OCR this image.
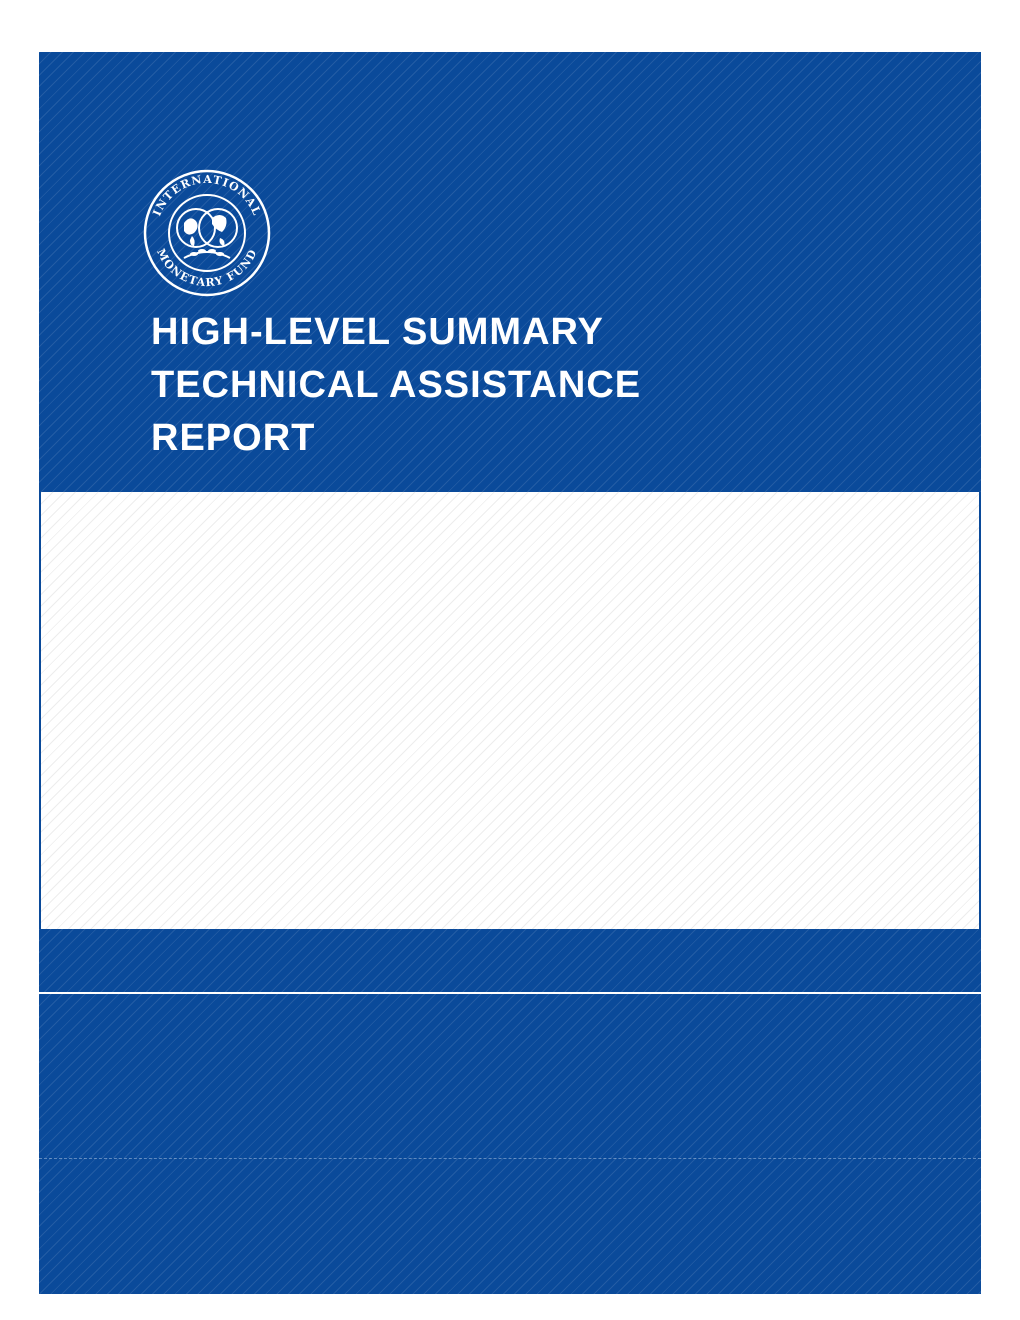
INTERNATIONAL
MONETARY FUND
HIGH-LEVEL SUMMARY
TECHNICAL ASSISTANCE
REPORT
